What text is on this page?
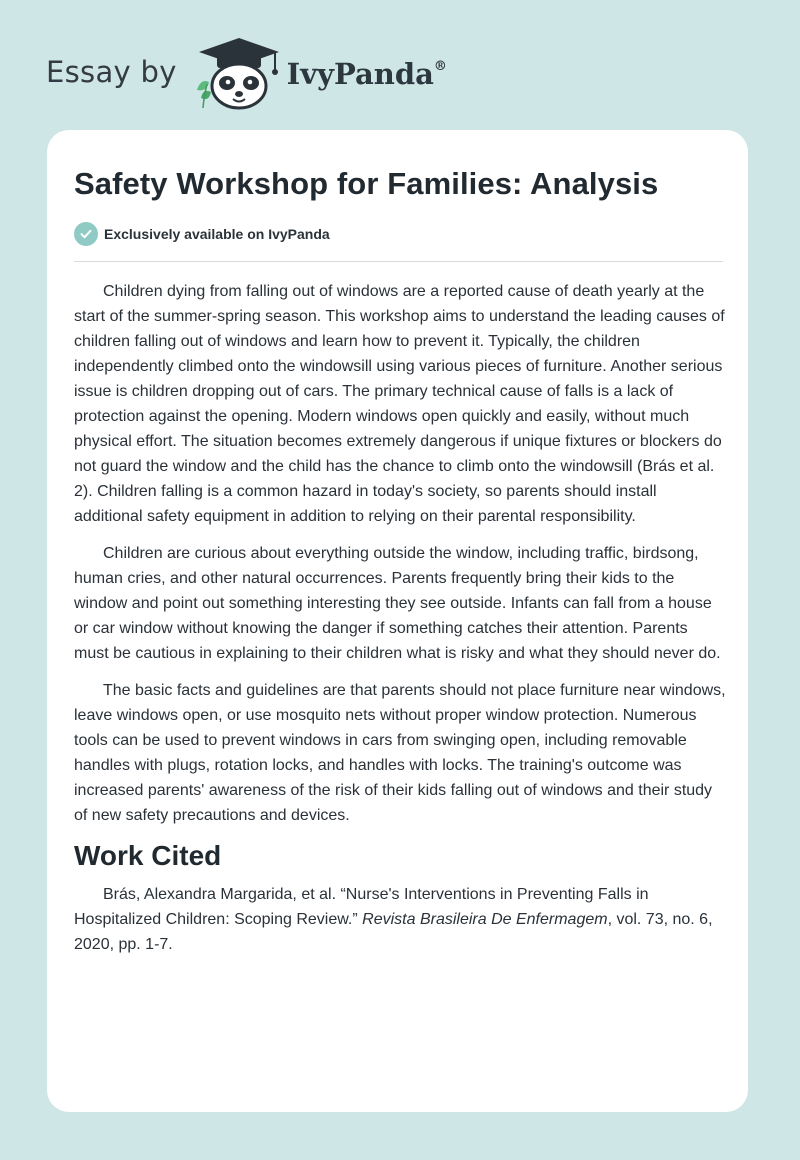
Essay by	IvyPanda®
Safety Workshop for Families: Analysis
Exclusively available on IvyPanda

Children dying from falling out of windows are a reported cause of death yearly at the start of the summer-spring season. This workshop aims to understand the leading causes of children falling out of windows and learn how to prevent it. Typically, the children independently climbed onto the windowsill using various pieces of furniture. Another serious issue is children dropping out of cars. The primary technical cause of falls is a lack of protection against the opening. Modern windows open quickly and easily, without much physical effort. The situation becomes extremely dangerous if unique fixtures or blockers do not guard the window and the child has the chance to climb onto the windowsill (Brás et al. 2). Children falling is a common hazard in today's society, so parents should install additional safety equipment in addition to relying on their parental responsibility.

Children are curious about everything outside the window, including traffic, birdsong, human cries, and other natural occurrences. Parents frequently bring their kids to the window and point out something interesting they see outside. Infants can fall from a house or car window without knowing the danger if something catches their attention. Parents must be cautious in explaining to their children what is risky and what they should never do.

The basic facts and guidelines are that parents should not place furniture near windows, leave windows open, or use mosquito nets without proper window protection. Numerous tools can be used to prevent windows in cars from swinging open, including removable handles with plugs, rotation locks, and handles with locks. The training's outcome was increased parents' awareness of the risk of their kids falling out of windows and their study of new safety precautions and devices.

Work Cited

Brás, Alexandra Margarida, et al. “Nurse's Interventions in Preventing Falls in Hospitalized Children: Scoping Review.” Revista Brasileira De Enfermagem, vol. 73, no. 6, 2020, pp. 1-7.
